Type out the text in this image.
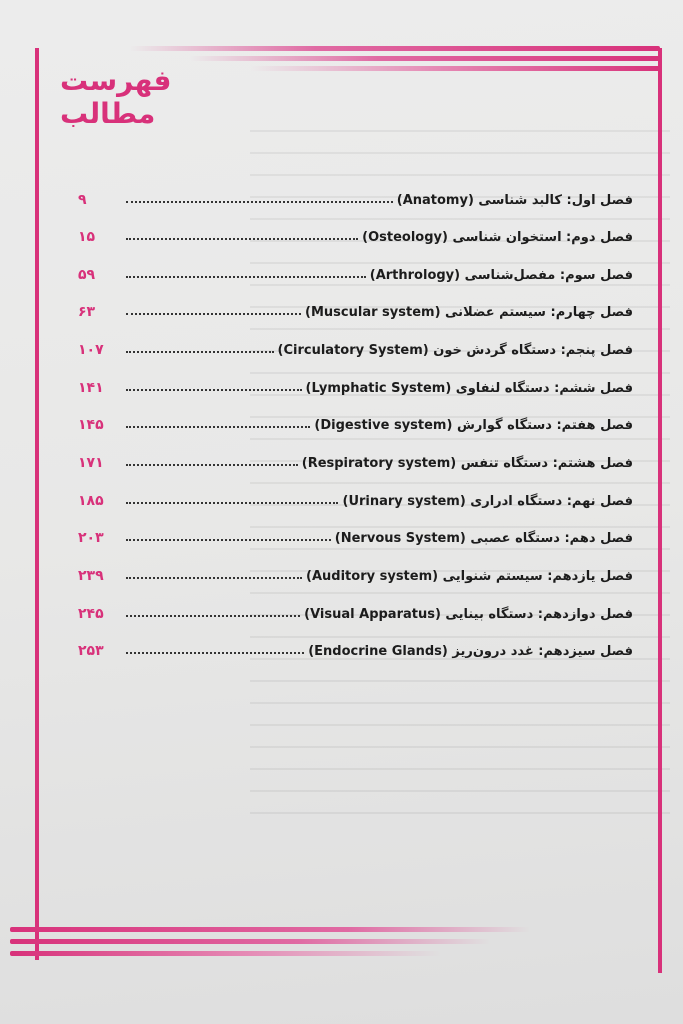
فهرست مطالب
فصل اول: کالبد شناسی (Anatomy)
۹
فصل دوم: استخوان شناسی (Osteology)
۱۵
فصل سوم: مفصل‌شناسی (Arthrology)
۵۹
فصل چهارم: سیستم عضلانی (Muscular system)
۶۳
فصل پنجم: دستگاه گردش خون (Circulatory System)
۱۰۷
فصل ششم: دستگاه لنفاوی (Lymphatic System)
۱۴۱
فصل هفتم: دستگاه گوارش (Digestive system)
۱۴۵
فصل هشتم: دستگاه تنفس (Respiratory system)
۱۷۱
فصل نهم: دستگاه ادراری (Urinary system)
۱۸۵
فصل دهم: دستگاه عصبی (Nervous System)
۲۰۳
فصل یازدهم: سیستم شنوایی (Auditory system)
۲۳۹
فصل دوازدهم: دستگاه بینایی (Visual Apparatus)
۲۴۵
فصل سیزدهم: غدد درون‌ریز (Endocrine Glands)
۲۵۳
